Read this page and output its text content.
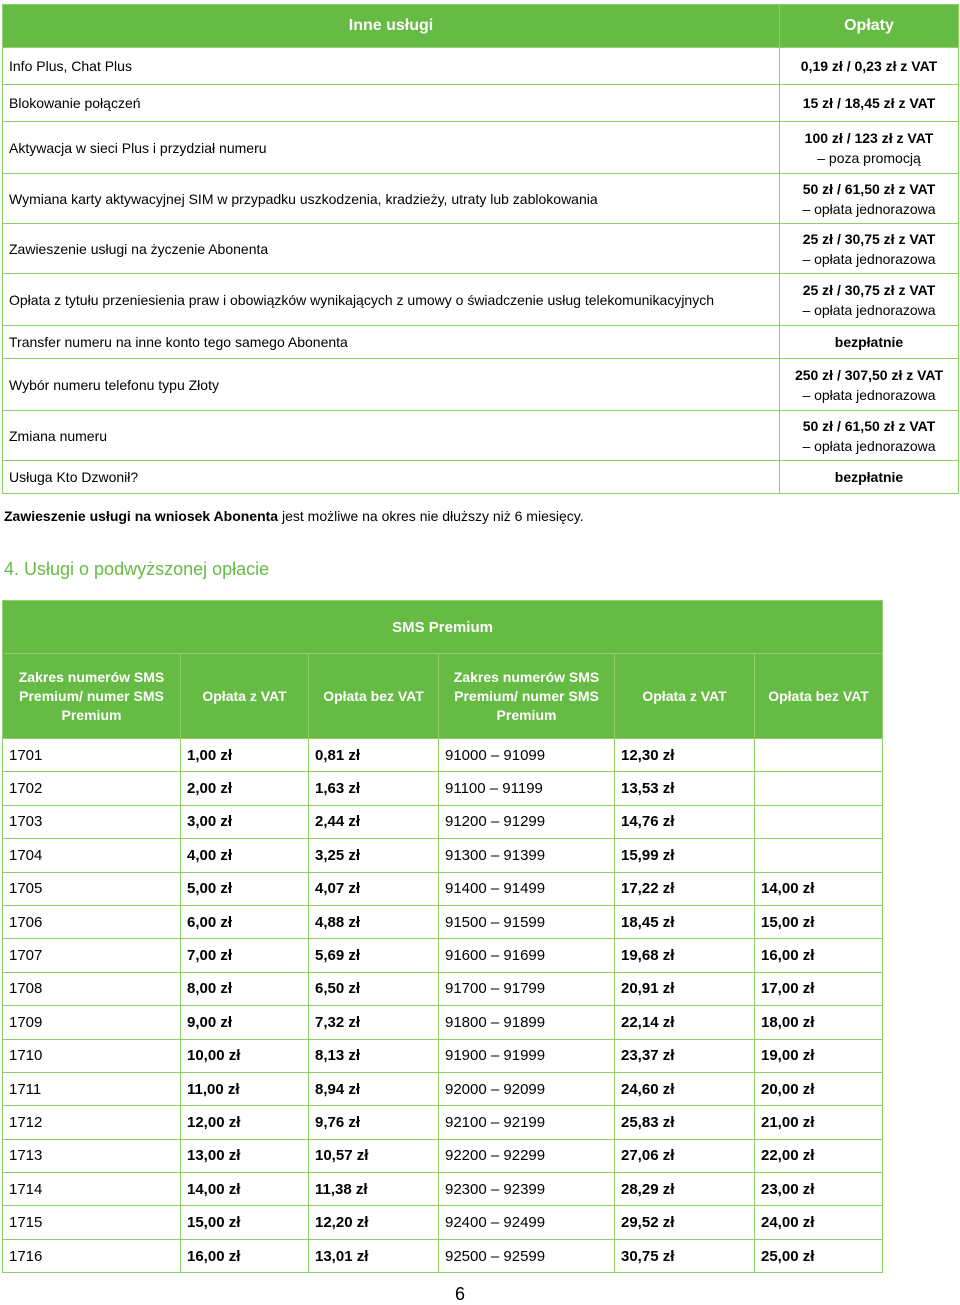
Inne usługi	Opłaty
Info Plus, Chat Plus	0,19 zł / 0,23 zł z VAT

Blokowanie połączeń	15 zł / 18,45 zł z VAT

Aktywacja w sieci Plus i przydział numeru	100 zł / 123 zł z VAT
– poza promocją

Wymiana karty aktywacyjnej SIM w przypadku uszkodzenia, kradzieży, utraty lub zablokowania	50 zł / 61,50 zł z VAT
– opłata jednorazowa

Zawieszenie usługi na życzenie Abonenta	25 zł / 30,75 zł z VAT
– opłata jednorazowa

Opłata z tytułu przeniesienia praw i obowiązków wynikających z umowy o świadczenie usług telekomunikacyjnych	25 zł / 30,75 zł z VAT
– opłata jednorazowa

Transfer numeru na inne konto tego samego Abonenta	bezpłatnie

Wybór numeru telefonu typu Złoty	250 zł / 307,50 zł z VAT
– opłata jednorazowa

Zmiana numeru	50 zł / 61,50 zł z VAT
– opłata jednorazowa

Usługa Kto Dzwonił?	bezpłatnie
Zawieszenie usługi na wniosek Abonenta jest możliwe na okres nie dłuższy niż 6 miesięcy.
4. Usługi o podwyższonej opłacie
SMS Premium					
Zakres numerów SMS Premium/ numer SMS Premium	Opłata z VAT	Opłata bez VAT	Zakres numerów SMS Premium/ numer SMS Premium	Opłata z VAT	Opłata bez VAT
1701	1,00 zł	0,81 zł	91000 – 91099	12,30 zł	
1702	2,00 zł	1,63 zł	91100 – 91199	13,53 zł	
1703	3,00 zł	2,44 zł	91200 – 91299	14,76 zł	
1704	4,00 zł	3,25 zł	91300 – 91399	15,99 zł	
1705	5,00 zł	4,07 zł	91400 – 91499	17,22 zł	14,00 zł
1706	6,00 zł	4,88 zł	91500 – 91599	18,45 zł	15,00 zł
1707	7,00 zł	5,69 zł	91600 – 91699	19,68 zł	16,00 zł
1708	8,00 zł	6,50 zł	91700 – 91799	20,91 zł	17,00 zł
1709	9,00 zł	7,32 zł	91800 – 91899	22,14 zł	18,00 zł
1710	10,00 zł	8,13 zł	91900 – 91999	23,37 zł	19,00 zł
1711	11,00 zł	8,94 zł	92000 – 92099	24,60 zł	20,00 zł
1712	12,00 zł	9,76 zł	92100 – 92199	25,83 zł	21,00 zł
1713	13,00 zł	10,57 zł	92200 – 92299	27,06 zł	22,00 zł
1714	14,00 zł	11,38 zł	92300 – 92399	28,29 zł	23,00 zł
1715	15,00 zł	12,20 zł	92400 – 92499	29,52 zł	24,00 zł
1716	16,00 zł	13,01 zł	92500 – 92599	30,75 zł	25,00 zł
6
